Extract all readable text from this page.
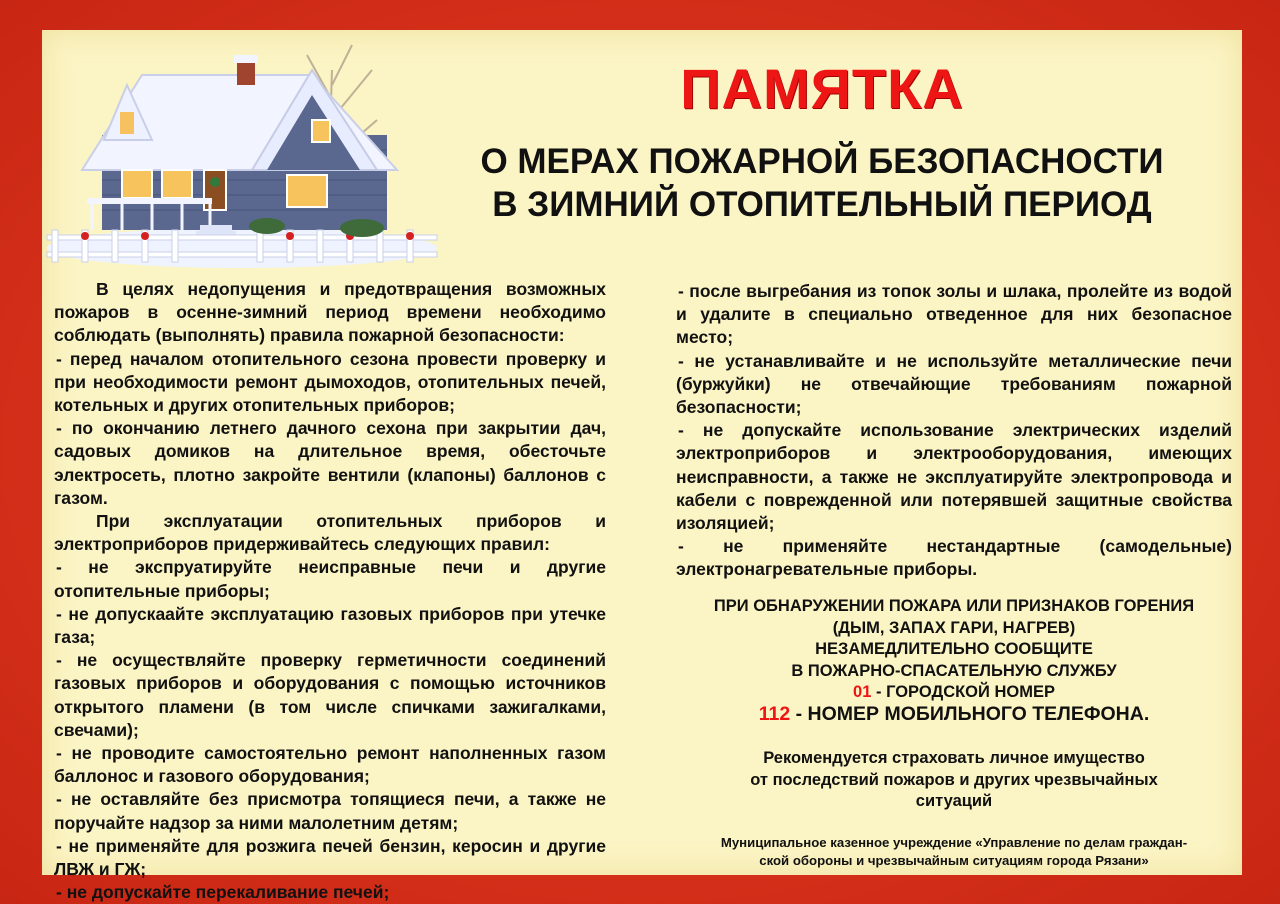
ПАМЯТКА
О МЕРАХ ПОЖАРНОЙ БЕЗОПАСНОСТИ
В ЗИМНИЙ ОТОПИТЕЛЬНЫЙ ПЕРИОД

В целях недопущения и предотвращения возможных пожаров в осенне-зимний период времени необходимо соблюдать (выполнять) правила пожарной безопасности:

- перед началом отопительного сезона провести проверку и при необходимости ремонт дымоходов, отопительных печей, котельных и других отопительных приборов;

- по окончанию летнего дачного сехона при закрытии дач, садовых домиков на длительное время, обесточьте электросеть, плотно закройте вентили (клапоны) баллонов с газом.

При эксплуатации отопительных приборов и электроприборов придерживайтесь следующих правил:

- не экспруатируйте неисправные печи и другие отопительные приборы;

- не допускаайте эксплуатацию газовых приборов при утечке газа;

- не осуществляйте проверку герметичности соединений газовых приборов и оборудования с помощью источников открытого пламени (в том числе спичками зажигалками, свечами);

- не проводите самостоятельно ремонт наполненных газом баллонос и газового оборудования;

- не оставляйте без присмотра топящиеся печи, а также не поручайте надзор за ними малолетним детям;

- не применяйте для розжига печей бензин, керосин и другие ЛВЖ и ГЖ;

- не допускайте перекаливание печей;

- после выгребания из топок золы и шлака, пролейте из водой и удалите в специально отведенное для них безопасное место;

- не устанавливайте и не используйте металлические печи (буржуйки) не отвечайющие требованиям пожарной безопасности;

- не допускайте использование электрических изделий электроприборов и электрооборудования, имеющих неисправности, а также не эксплуатируйте электропровода и кабели с поврежденной или потерявшей защитные свойства изоляцией;

- не применяйте нестандартные (самодельные) электронагревательные приборы.

ПРИ ОБНАРУЖЕНИИ ПОЖАРА ИЛИ ПРИЗНАКОВ ГОРЕНИЯ
(ДЫМ, ЗАПАХ ГАРИ, НАГРЕВ)
НЕЗАМЕДЛИТЕЛЬНО СООБЩИТЕ
В ПОЖАРНО-СПАСАТЕЛЬНУЮ СЛУЖБУ
01 - ГОРОДСКОЙ НОМЕР
112 - НОМЕР МОБИЛЬНОГО ТЕЛЕФОНА.
Рекомендуется страховать личное имущество
от последствий пожаров и других чрезвычайных
ситуаций
Муниципальное казенное учреждение «Управление по делам граждан-
ской обороны и чрезвычайным ситуациям города Рязани»
